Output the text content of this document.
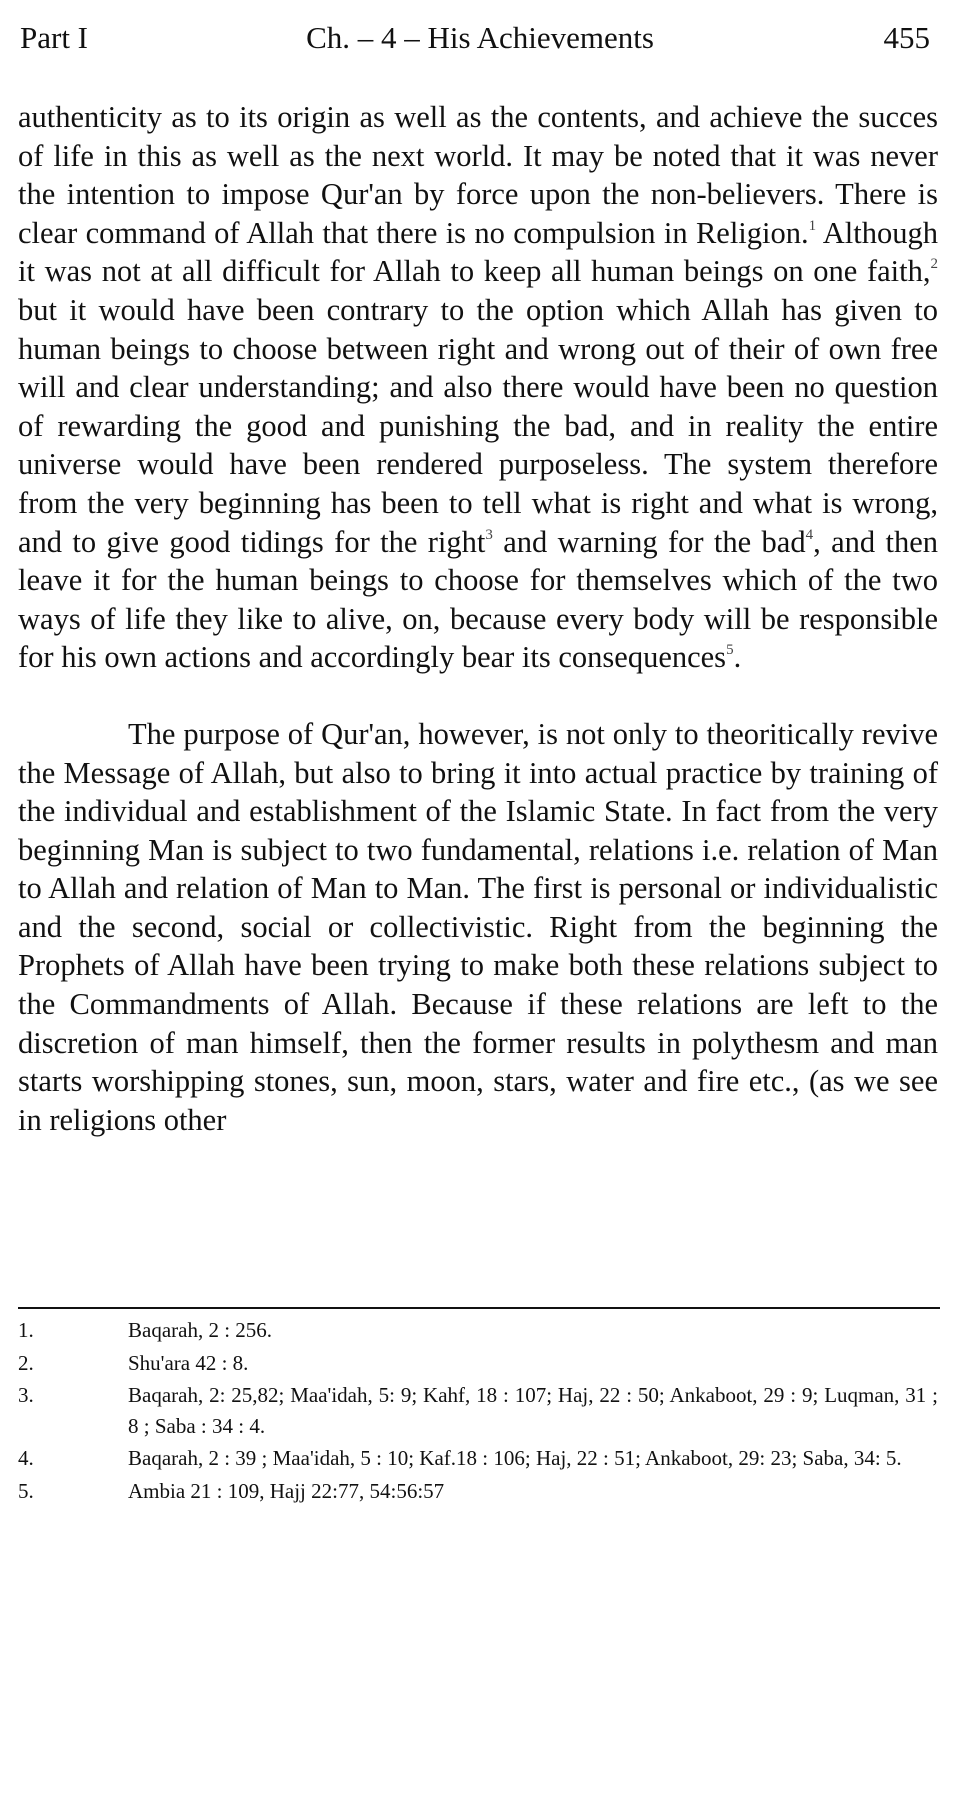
Ch. – 4 – His Achievements
Part I	455

authenticity as to its origin as well as the contents, and achieve the succes of life in this as well as the next world. It may be noted that it was never the intention to impose Qur'an by force upon the non-believers. There is clear command of Allah that there is no compulsion in Religion.$^1$ Although it was not at all difficult for Allah to keep all human beings on one faith,$^2$ but it would have been contrary to the option which Allah has given to human beings to choose between right and wrong out of their of own free will and clear understanding; and also there would have been no question of rewarding the good and punishing the bad, and in reality the entire universe would have been rendered purposeless. The system therefore from the very beginning has been to tell what is right and what is wrong, and to give good tidings for the right$^3$ and warning for the bad$^4$, and then leave it for the human beings to choose for themselves which of the two ways of life they like to alive, on, because every body will be responsible for his own actions and accordingly bear its consequences$^5$.

The purpose of Qur'an, however, is not only to theoritically revive the Message of Allah, but also to bring it into actual practice by training of the individual and establishment of the Islamic State. In fact from the very beginning Man is subject to two fundamental, relations i.e. relation of Man to Allah and relation of Man to Man. The first is personal or individualistic and the second, social or collectivistic. Right from the beginning the Prophets of Allah have been trying to make both these relations subject to the Commandments of Allah. Because if these relations are left to the discretion of man himself, then the former results in polythesm and man starts worshipping stones, sun, moon, stars, water and fire etc., (as we see in religions other

1.	Baqarah, 2 : 256.
2.	Shu'ara 42 : 8.
3.	Baqarah, 2: 25,82; Maa'idah, 5: 9; Kahf, 18 : 107; Haj, 22 : 50; Ankaboot, 29 : 9; Luqman, 31 ; 8 ; Saba : 34 : 4.
4.	Baqarah, 2 : 39 ; Maa'idah, 5 : 10; Kaf.18 : 106; Haj, 22 : 51; Ankaboot, 29: 23; Saba, 34: 5.
5.	Ambia 21 : 109, Hajj 22:77, 54:56:57
